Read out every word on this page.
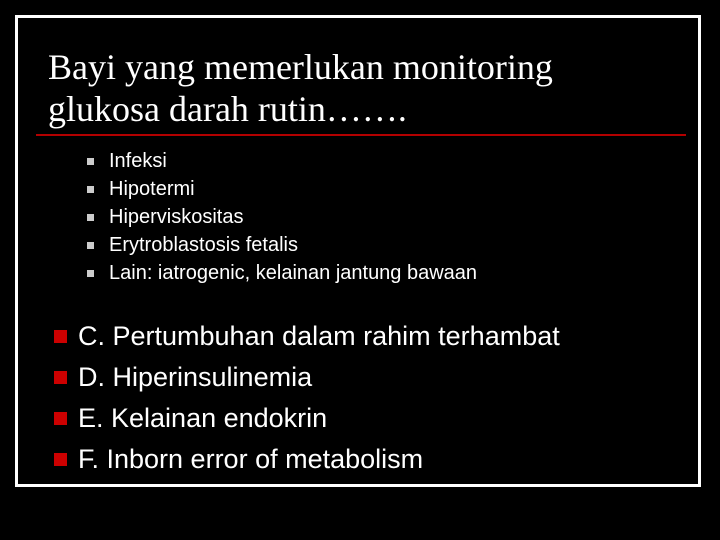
Bayi yang memerlukan monitoring
glukosa darah rutin…….
Infeksi
Hipotermi
Hiperviskositas
Erytroblastosis fetalis
Lain: iatrogenic, kelainan jantung bawaan
C. Pertumbuhan dalam rahim terhambat
D. Hiperinsulinemia
E. Kelainan endokrin
F. Inborn error of metabolism
